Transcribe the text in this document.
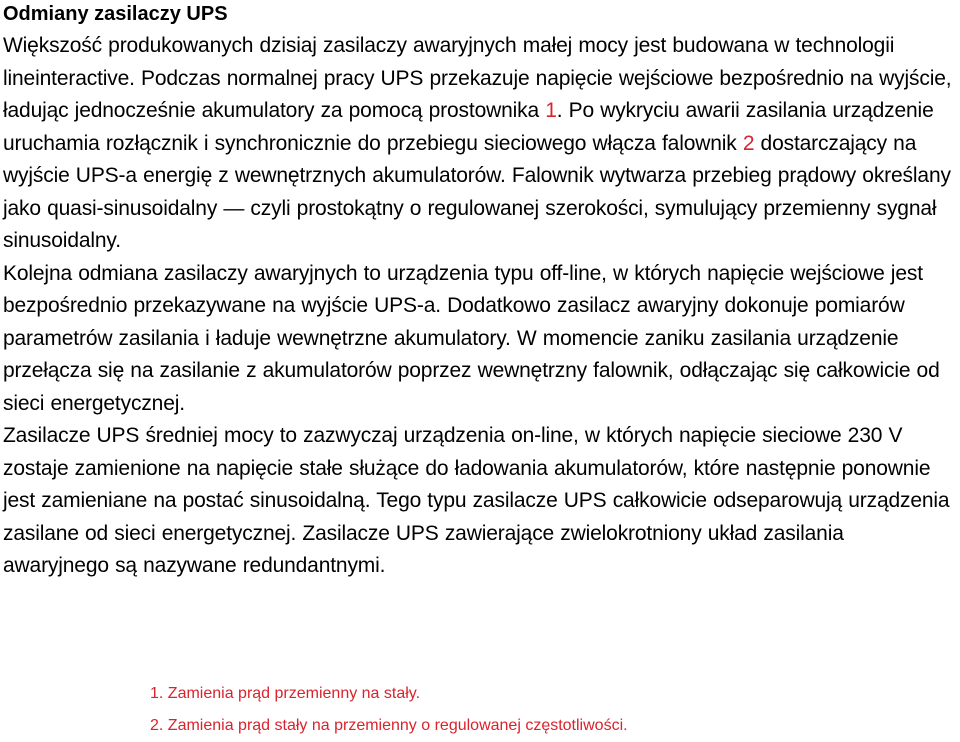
Odmiany zasilaczy UPS

Większość produkowanych dzisiaj zasilaczy awaryjnych małej mocy jest budowana w technologii lineinteractive. Podczas normalnej pracy UPS przekazuje napięcie wejściowe bezpośrednio na wyjście, ładując jednocześnie akumulatory za pomocą prostownika 1. Po wykryciu awarii zasilania urządzenie uruchamia rozłącznik i synchronicznie do przebiegu sieciowego włącza falownik 2 dostarczający na wyjście UPS-a energię z wewnętrznych akumulatorów. Falownik wytwarza przebieg prądowy określany jako quasi-sinusoidalny — czyli prostokątny o regulowanej szerokości, symulujący przemienny sygnał sinusoidalny.

Kolejna odmiana zasilaczy awaryjnych to urządzenia typu off-line, w których napięcie wejściowe jest bezpośrednio przekazywane na wyjście UPS-a. Dodatkowo zasilacz awaryjny dokonuje pomiarów parametrów zasilania i ładuje wewnętrzne akumulatory. W momencie zaniku zasilania urządzenie przełącza się na zasilanie z akumulatorów poprzez wewnętrzny falownik, odłączając się całkowicie od sieci energetycznej.

Zasilacze UPS średniej mocy to zazwyczaj urządzenia on-line, w których napięcie sieciowe 230 V zostaje zamienione na napięcie stałe służące do ładowania akumulatorów, które następnie ponownie jest zamieniane na postać sinusoidalną. Tego typu zasilacze UPS całkowicie odseparowują urządzenia zasilane od sieci energetycznej. Zasilacze UPS zawierające zwielokrotniony układ zasilania awaryjnego są nazywane redundantnymi.

1. Zamienia prąd przemienny na stały.
2. Zamienia prąd stały na przemienny o regulowanej częstotliwości.
